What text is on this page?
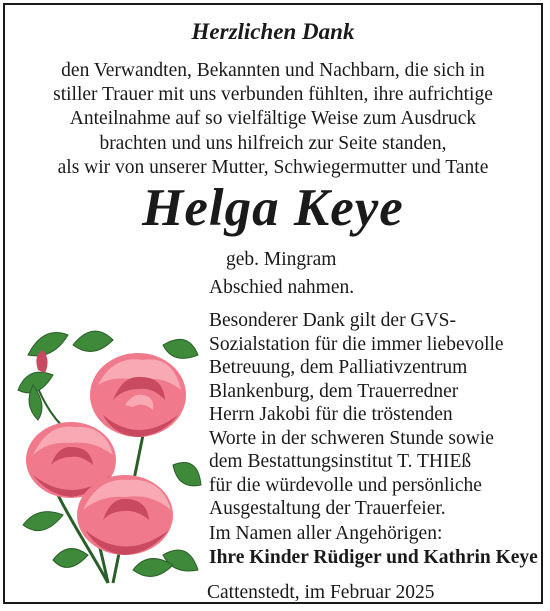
Herzlichen Dank
den Verwandten, Bekannten und Nachbarn, die sich in
stiller Trauer mit uns verbunden fühlten, ihre aufrichtige
Anteilnahme auf so vielfältige Weise zum Ausdruck
brachten und uns hilfreich zur Seite standen,
als wir von unserer Mutter, Schwiegermutter und Tante
Helga Keye
geb. Mingram
Abschied nahmen.
Besonderer Dank gilt der GVS-
Sozialstation für die immer liebevolle
Betreuung, dem Palliativzentrum
Blankenburg, dem Trauerredner
Herrn Jakobi für die tröstenden
Worte in der schweren Stunde sowie
dem Bestattungsinstitut T. THIEß
für die würdevolle und persönliche
Ausgestaltung der Trauerfeier.
Im Namen aller Angehörigen:
Ihre Kinder Rüdiger und Kathrin Keye
Cattenstedt, im Februar 2025
